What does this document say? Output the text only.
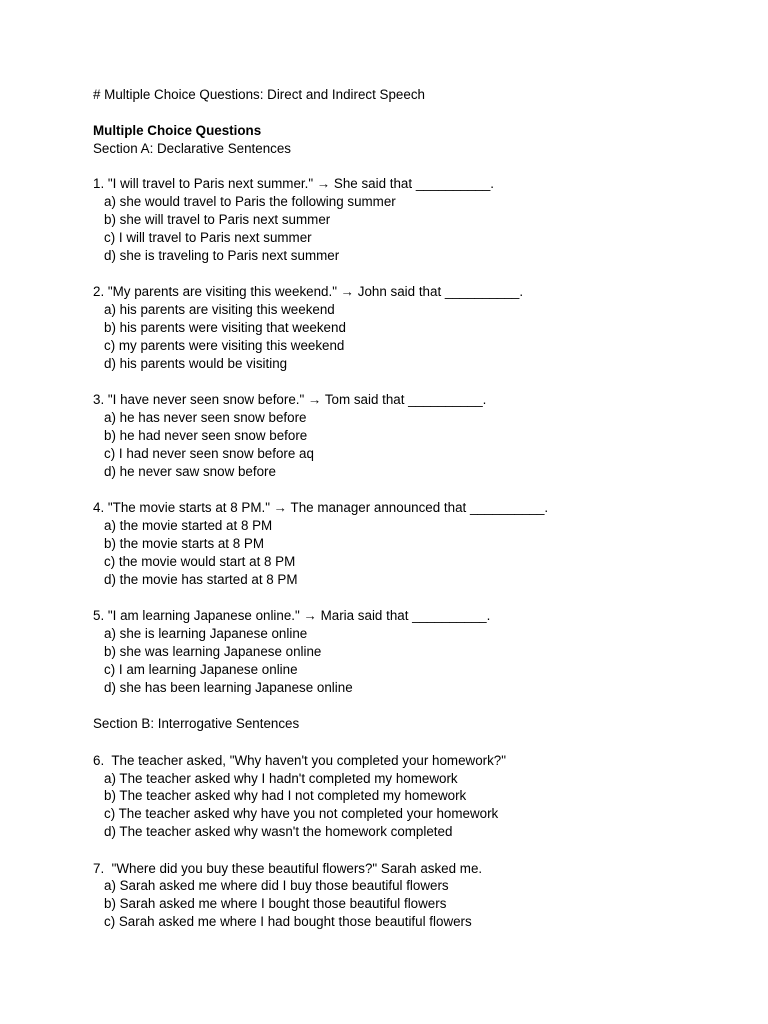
# Multiple Choice Questions: Direct and Indirect Speech
Multiple Choice Questions
Section A: Declarative Sentences
1. "I will travel to Paris next summer." → She said that __________.
a) she would travel to Paris the following summer
b) she will travel to Paris next summer
c) I will travel to Paris next summer
d) she is traveling to Paris next summer
2. "My parents are visiting this weekend." → John said that __________.
a) his parents are visiting this weekend
b) his parents were visiting that weekend
c) my parents were visiting this weekend
d) his parents would be visiting
3. "I have never seen snow before." → Tom said that __________.
a) he has never seen snow before
b) he had never seen snow before
c) I had never seen snow before aq
d) he never saw snow before
4. "The movie starts at 8 PM." → The manager announced that __________.
a) the movie started at 8 PM
b) the movie starts at 8 PM
c) the movie would start at 8 PM
d) the movie has started at 8 PM
5. "I am learning Japanese online." → Maria said that __________.
a) she is learning Japanese online
b) she was learning Japanese online
c) I am learning Japanese online
d) she has been learning Japanese online
Section B: Interrogative Sentences
6.  The teacher asked, "Why haven't you completed your homework?"
a) The teacher asked why I hadn't completed my homework
b) The teacher asked why had I not completed my homework
c) The teacher asked why have you not completed your homework
d) The teacher asked why wasn't the homework completed
7.  "Where did you buy these beautiful flowers?" Sarah asked me.
a) Sarah asked me where did I buy those beautiful flowers
b) Sarah asked me where I bought those beautiful flowers
c) Sarah asked me where I had bought those beautiful flowers
